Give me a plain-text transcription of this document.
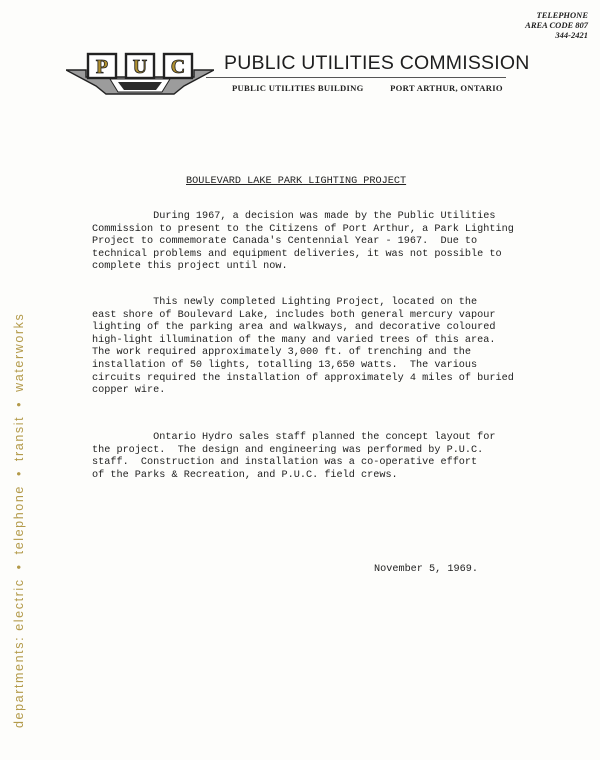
TELEPHONE
AREA CODE 807
344-2421
P U C PUBLIC UTILITIES COMMISSION
PUBLIC UTILITIES BUILDING	PORT ARTHUR, ONTARIO
departments: electric•telephone•transit•waterworks
BOULEVARD LAKE PARK LIGHTING PROJECT
During 1967, a decision was made by the Public Utilities
Commission to present to the Citizens of Port Arthur, a Park Lighting
Project to commemorate Canada's Centennial Year - 1967.  Due to
technical problems and equipment deliveries, it was not possible to
complete this project until now.
This newly completed Lighting Project, located on the
east shore of Boulevard Lake, includes both general mercury vapour
lighting of the parking area and walkways, and decorative coloured
high-light illumination of the many and varied trees of this area.
The work required approximately 3,000 ft. of trenching and the
installation of 50 lights, totalling 13,650 watts.  The various
circuits required the installation of approximately 4 miles of buried
copper wire.
Ontario Hydro sales staff planned the concept layout for
the project.  The design and engineering was performed by P.U.C.
staff.  Construction and installation was a co-operative effort
of the Parks & Recreation, and P.U.C. field crews.
November 5, 1969.
